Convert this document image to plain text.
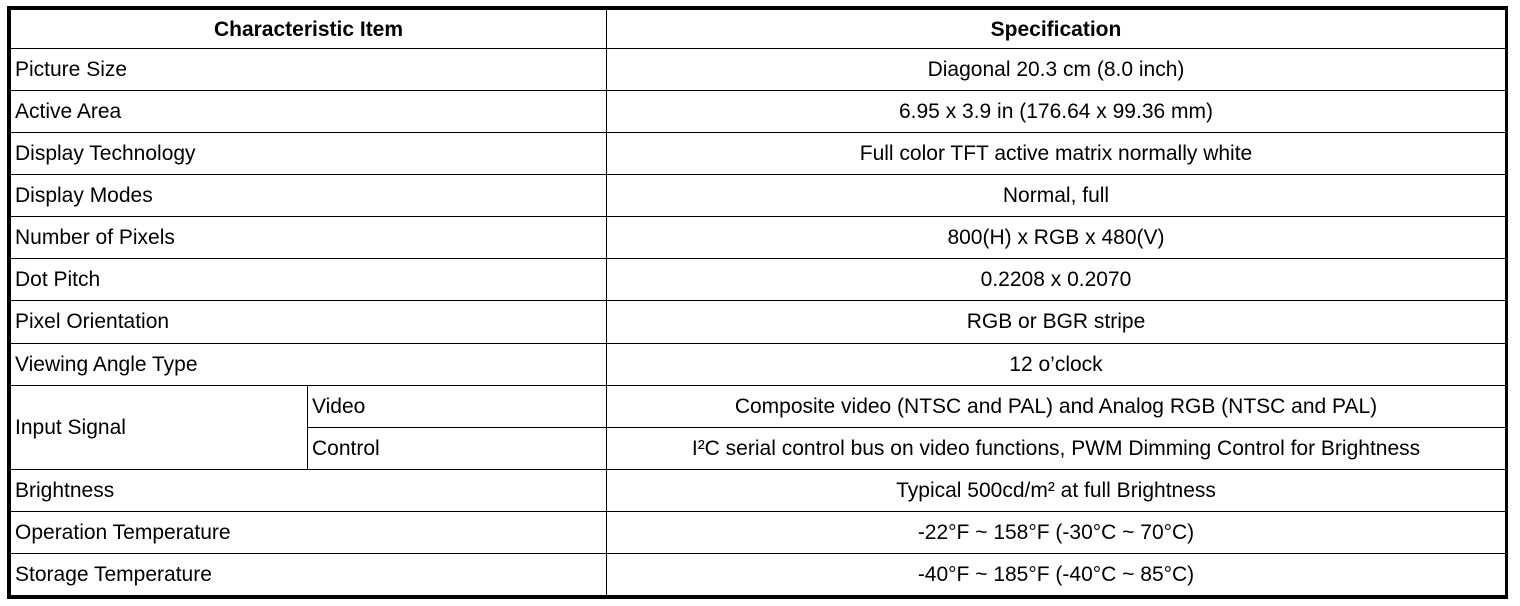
Characteristic Item		Specification
Picture Size		Diagonal 20.3 cm (8.0 inch)
Active Area		6.95 x 3.9 in (176.64 x 99.36 mm)
Display Technology		Full color TFT active matrix normally white
Display Modes		Normal, full
Number of Pixels		800(H) x RGB x 480(V)
Dot Pitch		0.2208 x 0.2070
Pixel Orientation		RGB or BGR stripe
Viewing Angle Type		12 o’clock
Input Signal	Video	Composite video (NTSC and PAL) and Analog RGB (NTSC and PAL)
	Control	I²C serial control bus on video functions, PWM Dimming Control for Brightness
Brightness		Typical 500cd/m² at full Brightness
Operation Temperature		-22°F ~ 158°F (-30°C ~ 70°C)
Storage Temperature		-40°F ~ 185°F (-40°C ~ 85°C)
